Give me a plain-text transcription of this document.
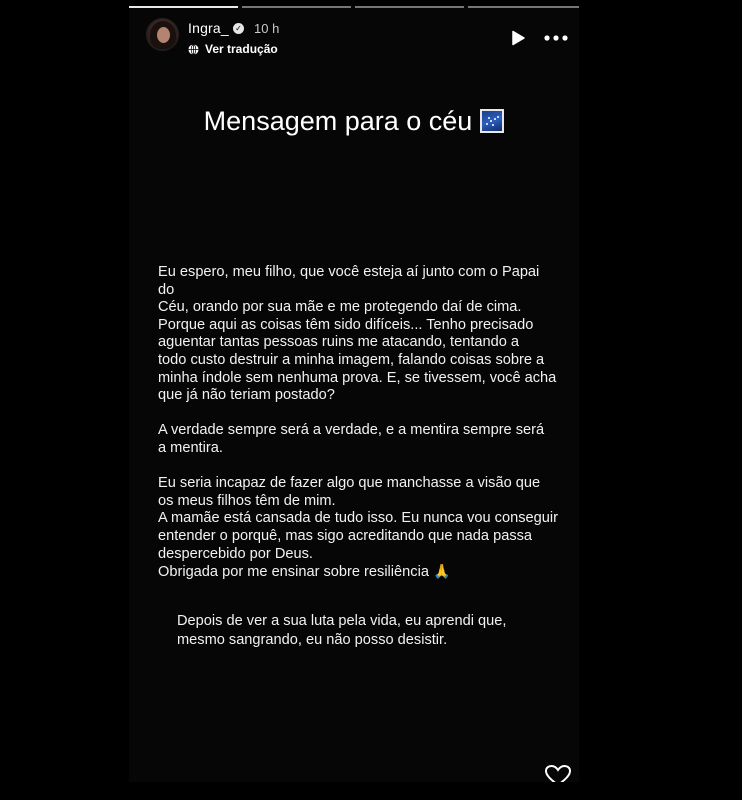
Ingra_ ✓ 10 h
Ver tradução
Mensagem para o céu

Eu espero, meu filho, que você esteja aí junto com o Papai do
Céu, orando por sua mãe e me protegendo daí de cima.
Porque aqui as coisas têm sido difíceis... Tenho precisado
aguentar tantas pessoas ruins me atacando, tentando a
todo custo destruir a minha imagem, falando coisas sobre a
minha índole sem nenhuma prova. E, se tivessem, você acha
que já não teriam postado?

A verdade sempre será a verdade, e a mentira sempre será
a mentira.

Eu seria incapaz de fazer algo que manchasse a visão que
os meus filhos têm de mim.
A mamãe está cansada de tudo isso. Eu nunca vou conseguir
entender o porquê, mas sigo acreditando que nada passa
despercebido por Deus.

Obrigada por me ensinar sobre resiliência 🙏

Depois de ver a sua luta pela vida, eu aprendi que,
mesmo sangrando, eu não posso desistir.
